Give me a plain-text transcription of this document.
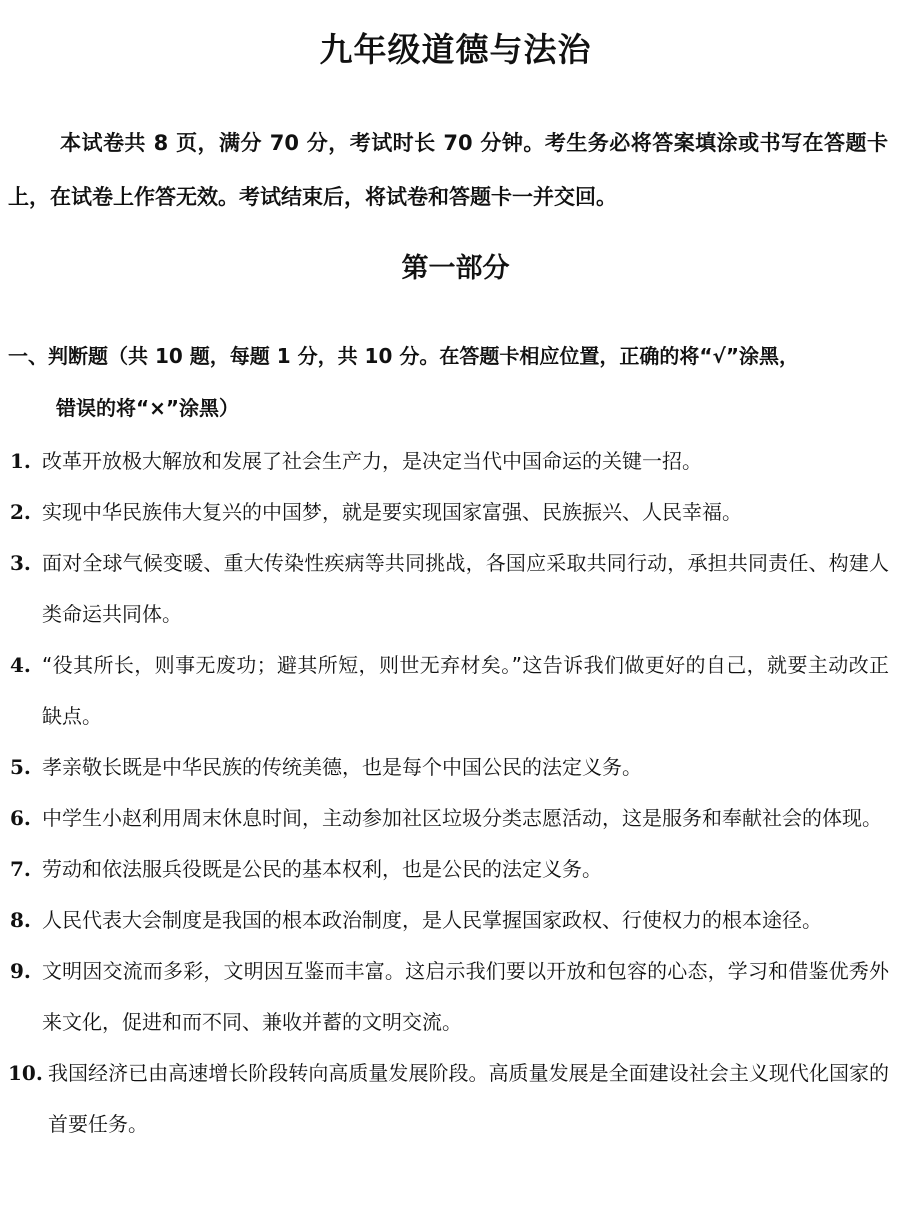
九年级道德与法治
本试卷共 8 页，满分 70 分，考试时长 70 分钟。考生务必将答案填涂或书写在答题卡上，在试卷上作答无效。考试结束后，将试卷和答题卡一并交回。
第一部分
一、判断题（共 10 题，每题 1 分，共 10 分。在答题卡相应位置，正确的将“√”涂黑，
错误的将“×”涂黑）
1. 改革开放极大解放和发展了社会生产力，是决定当代中国命运的关键一招。
2. 实现中华民族伟大复兴的中国梦，就是要实现国家富强、民族振兴、人民幸福。
3. 面对全球气候变暖、重大传染性疾病等共同挑战，各国应采取共同行动，承担共同责任、构建人类命运共同体。
4. “役其所长，则事无废功；避其所短，则世无弃材矣。”这告诉我们做更好的自己，就要主动改正缺点。
5. 孝亲敬长既是中华民族的传统美德，也是每个中国公民的法定义务。
6. 中学生小赵利用周末休息时间，主动参加社区垃圾分类志愿活动，这是服务和奉献社会的体现。
7. 劳动和依法服兵役既是公民的基本权利，也是公民的法定义务。
8. 人民代表大会制度是我国的根本政治制度，是人民掌握国家政权、行使权力的根本途径。
9. 文明因交流而多彩，文明因互鉴而丰富。这启示我们要以开放和包容的心态，学习和借鉴优秀外来文化，促进和而不同、兼收并蓄的文明交流。
10. 我国经济已由高速增长阶段转向高质量发展阶段。高质量发展是全面建设社会主义现代化国家的首要任务。
